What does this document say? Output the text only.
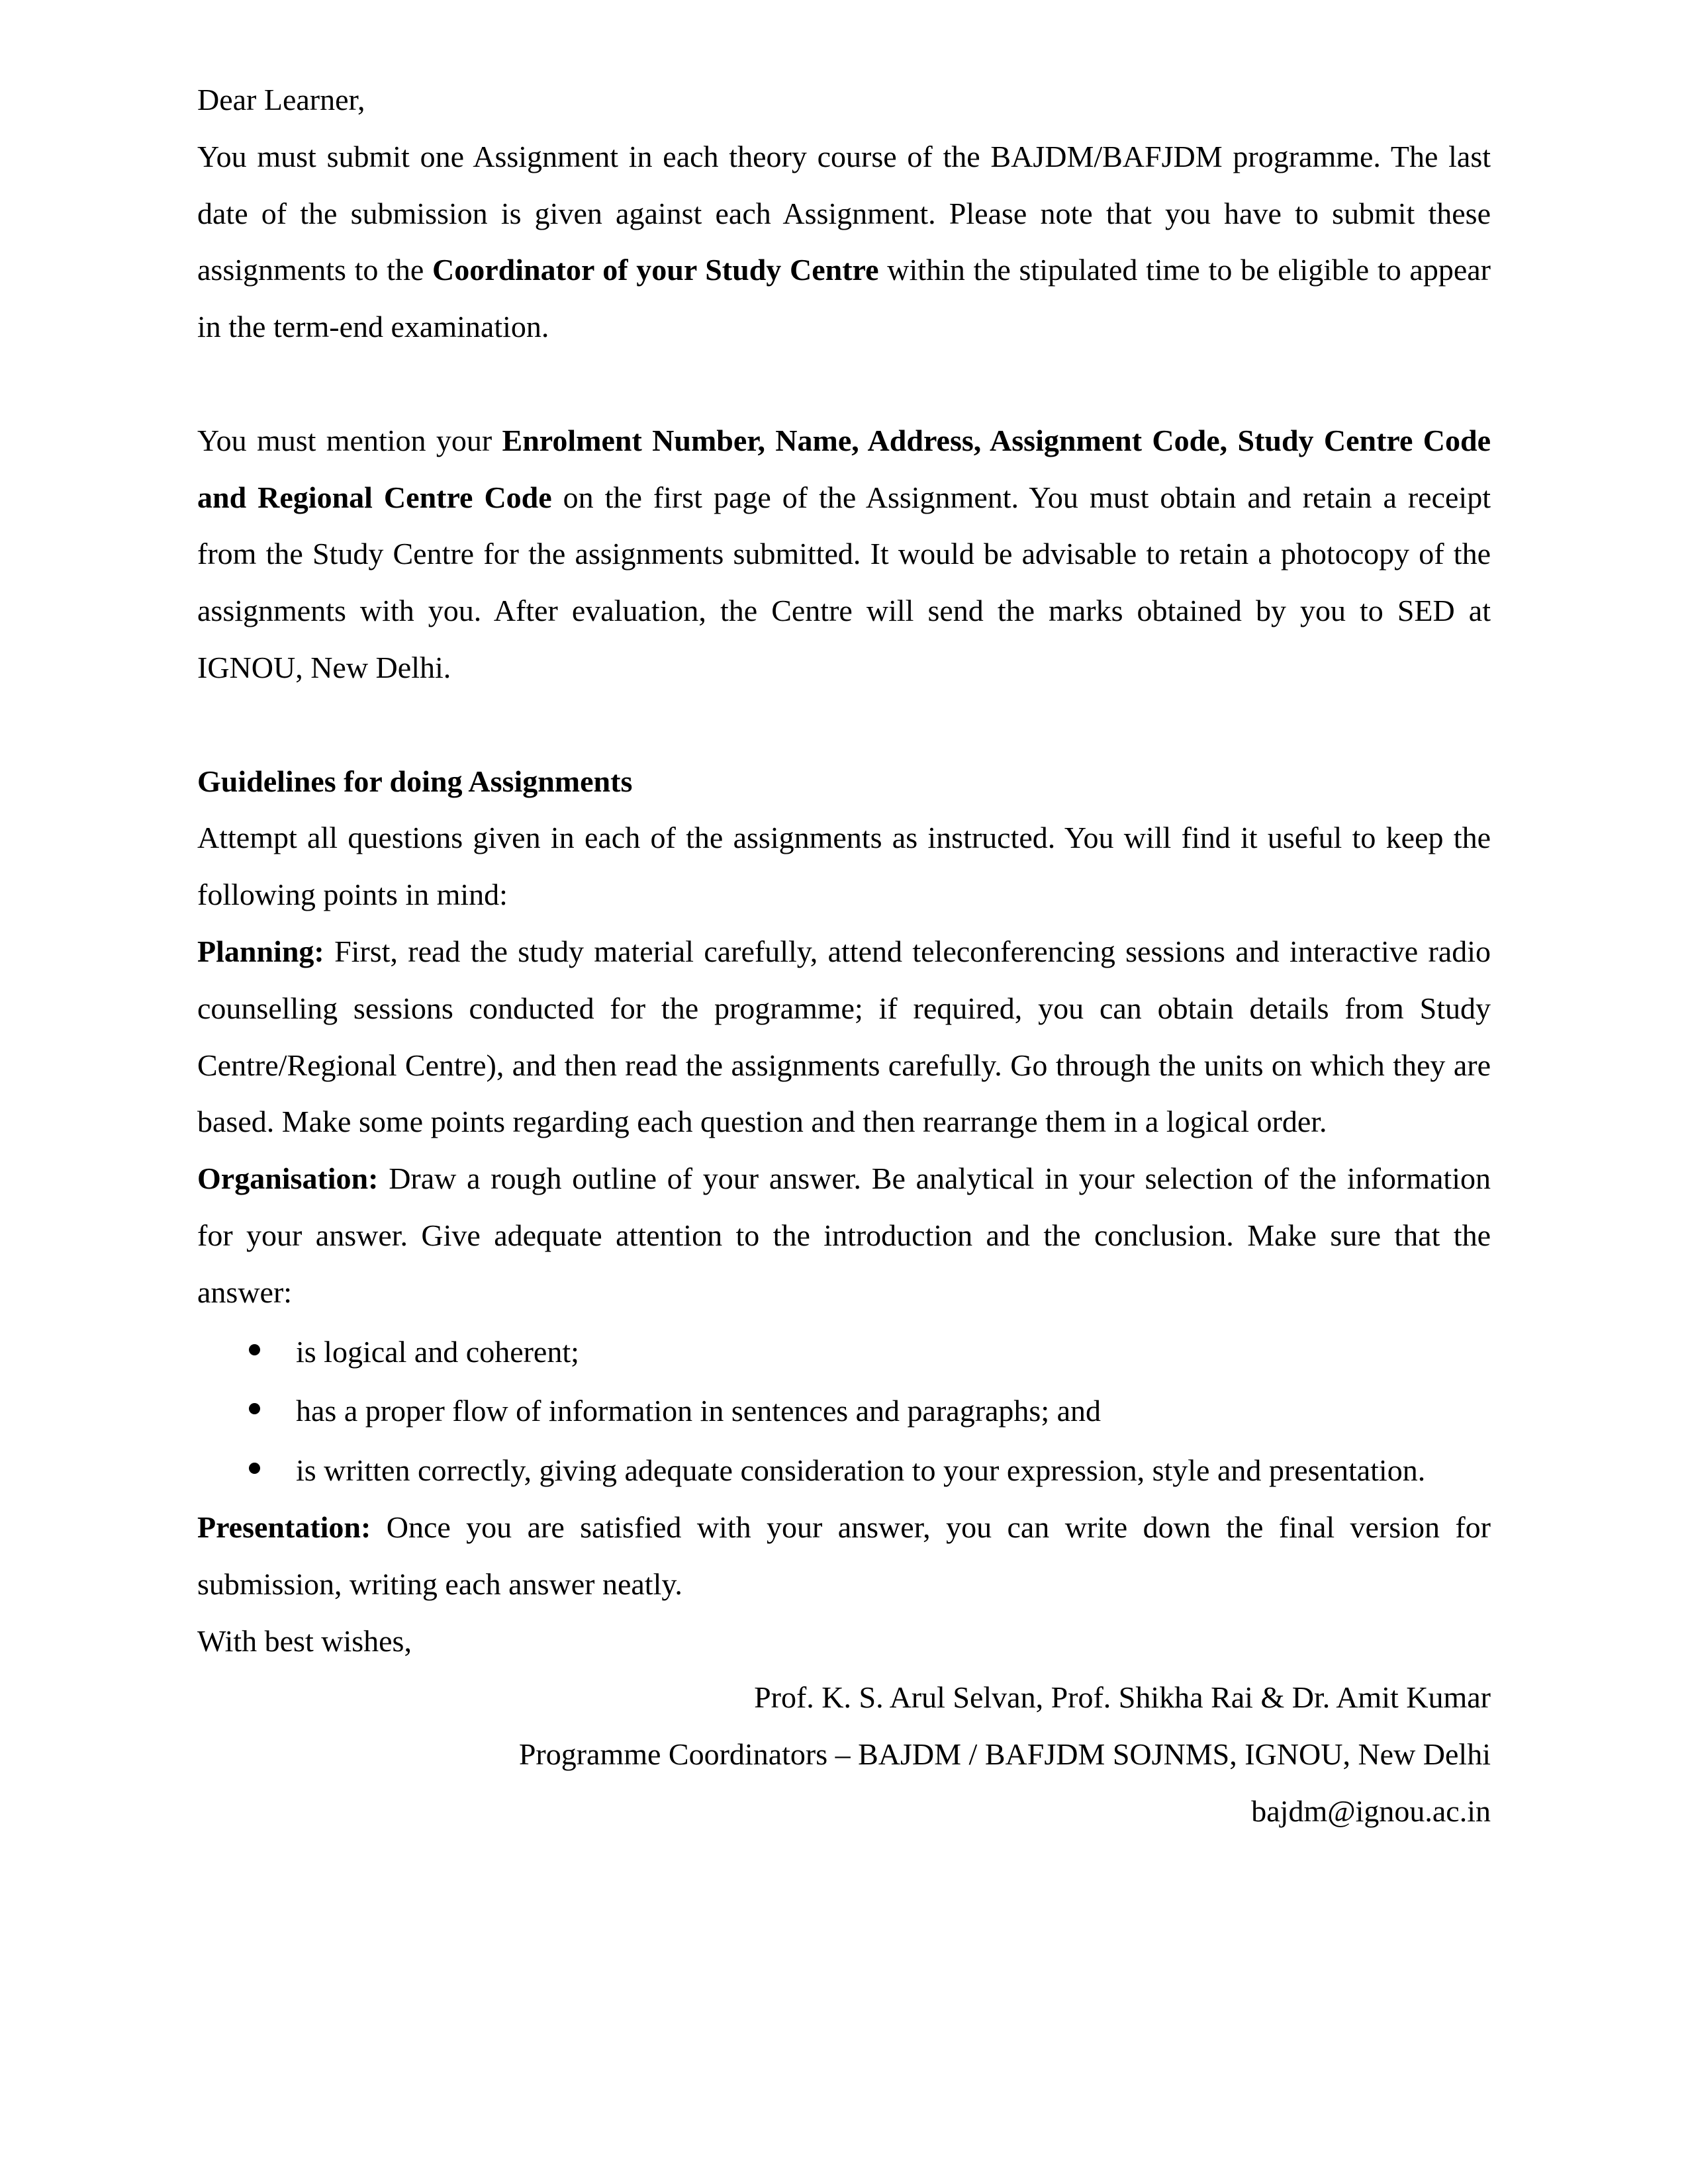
Dear Learner,

You must submit one Assignment in each theory course of the BAJDM/BAFJDM programme. The last date of the submission is given against each Assignment. Please note that you have to submit these assignments to the Coordinator of your Study Centre within the stipulated time to be eligible to appear in the term-end examination.

You must mention your Enrolment Number, Name, Address, Assignment Code, Study Centre Code and Regional Centre Code on the first page of the Assignment. You must obtain and retain a receipt from the Study Centre for the assignments submitted. It would be advisable to retain a photocopy of the assignments with you. After evaluation, the Centre will send the marks obtained by you to SED at IGNOU, New Delhi.

Guidelines for doing Assignments

Attempt all questions given in each of the assignments as instructed. You will find it useful to keep the following points in mind:

Planning: First, read the study material carefully, attend teleconferencing sessions and interactive radio counselling sessions conducted for the programme; if required, you can obtain details from Study Centre/Regional Centre), and then read the assignments carefully. Go through the units on which they are based. Make some points regarding each question and then rearrange them in a logical order.

Organisation: Draw a rough outline of your answer. Be analytical in your selection of the information for your answer. Give adequate attention to the introduction and the conclusion. Make sure that the answer:

is logical and coherent;
has a proper flow of information in sentences and paragraphs; and
is written correctly, giving adequate consideration to your expression, style and presentation.

Presentation: Once you are satisfied with your answer, you can write down the final version for submission, writing each answer neatly.

With best wishes,

Prof. K. S. Arul Selvan, Prof. Shikha Rai & Dr. Amit Kumar

Programme Coordinators – BAJDM / BAFJDM SOJNMS, IGNOU, New Delhi

bajdm@ignou.ac.in
